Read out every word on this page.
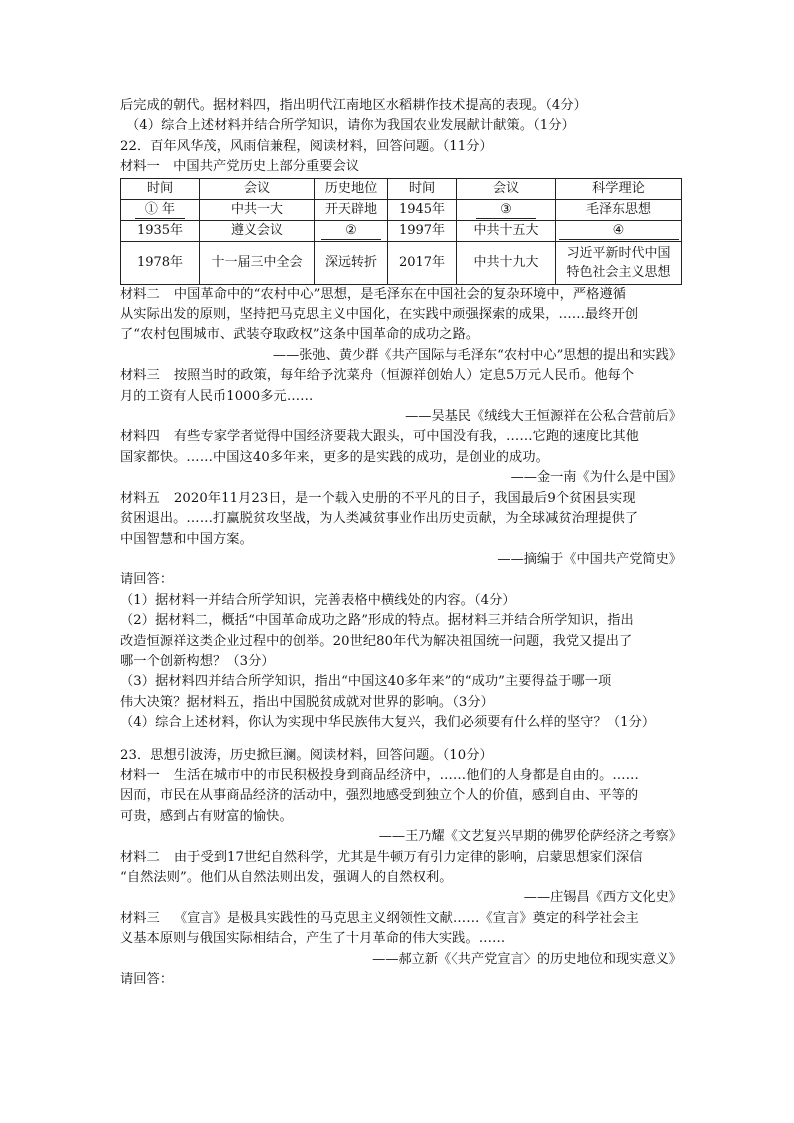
后完成的朝代。据材料四，指出明代江南地区水稻耕作技术提高的表现。（4分）
（4）综合上述材料并结合所学知识，请你为我国农业发展献计献策。（1分）
22．百年风华茂，风雨信兼程，阅读材料，回答问题。（11分）
材料一　中国共产党历史上部分重要会议
时间	会议	历史地位	时间	会议	科学理论
① 年	中共一大	开天辟地	1945年	③	毛泽东思想
1935年	遵义会议	②	1997年	中共十五大	④
1978年	十一届三中全会	深远转折	2017年	中共十九大	习近平新时代中国
特色社会主义思想
材料二 中国革命中的“农村中心”思想，是毛泽东在中国社会的复杂环境中，严格遵循
从实际出发的原则，坚持把马克思主义中国化，在实践中顽强探索的成果，……最终开创
了“农村包围城市、武装夺取政权”这条中国革命的成功之路。
——张弛、黄少群《共产国际与毛泽东“农村中心”思想的提出和实践》
材料三 按照当时的政策，每年给予沈菜舟（恒源祥创始人）定息5万元人民币。他每个
月的工资有人民币1000多元……
——吴基民《绒线大王恒源祥在公私合营前后》
材料四 有些专家学者觉得中国经济要栽大跟头，可中国没有我，……它跑的速度比其他
国家都快。……中国这40多年来，更多的是实践的成功，是创业的成功。
——金一南《为什么是中国》
材料五 2020年11月23日，是一个载入史册的不平凡的日子，我国最后9个贫困县实现
贫困退出。……打赢脱贫攻坚战，为人类减贫事业作出历史贡献，为全球减贫治理提供了
中国智慧和中国方案。
——摘编于《中国共产党简史》
请回答：
（1）据材料一并结合所学知识，完善表格中横线处的内容。（4分）
（2）据材料二，概括“中国革命成功之路”形成的特点。据材料三并结合所学知识，指出
改造恒源祥这类企业过程中的创举。20世纪80年代为解决祖国统一问题，我党又提出了
哪一个创新构想？（3分）
（3）据材料四并结合所学知识，指出“中国这40多年来”的“成功”主要得益于哪一项
伟大决策？据材料五，指出中国脱贫成就对世界的影响。（3分）
（4）综合上述材料，你认为实现中华民族伟大复兴，我们必须要有什么样的坚守？（1分）
23．思想引波涛，历史掀巨澜。阅读材料，回答问题。（10分）
材料一 生活在城市中的市民积极投身到商品经济中，……他们的人身都是自由的。……
因而，市民在从事商品经济的活动中，强烈地感受到独立个人的价值，感到自由、平等的
可贵，感到占有财富的愉快。
——王乃耀《文艺复兴早期的佛罗伦萨经济之考察》
材料二 由于受到17世纪自然科学，尤其是牛顿万有引力定律的影响，启蒙思想家们深信
“自然法则”。他们从自然法则出发，强调人的自然权利。
——庄锡昌《西方文化史》
材料三 《宣言》是极具实践性的马克思主义纲领性文献……《宣言》奠定的科学社会主
义基本原则与俄国实际相结合，产生了十月革命的伟大实践。……
——郝立新《〈共产党宣言〉的历史地位和现实意义》
请回答：
